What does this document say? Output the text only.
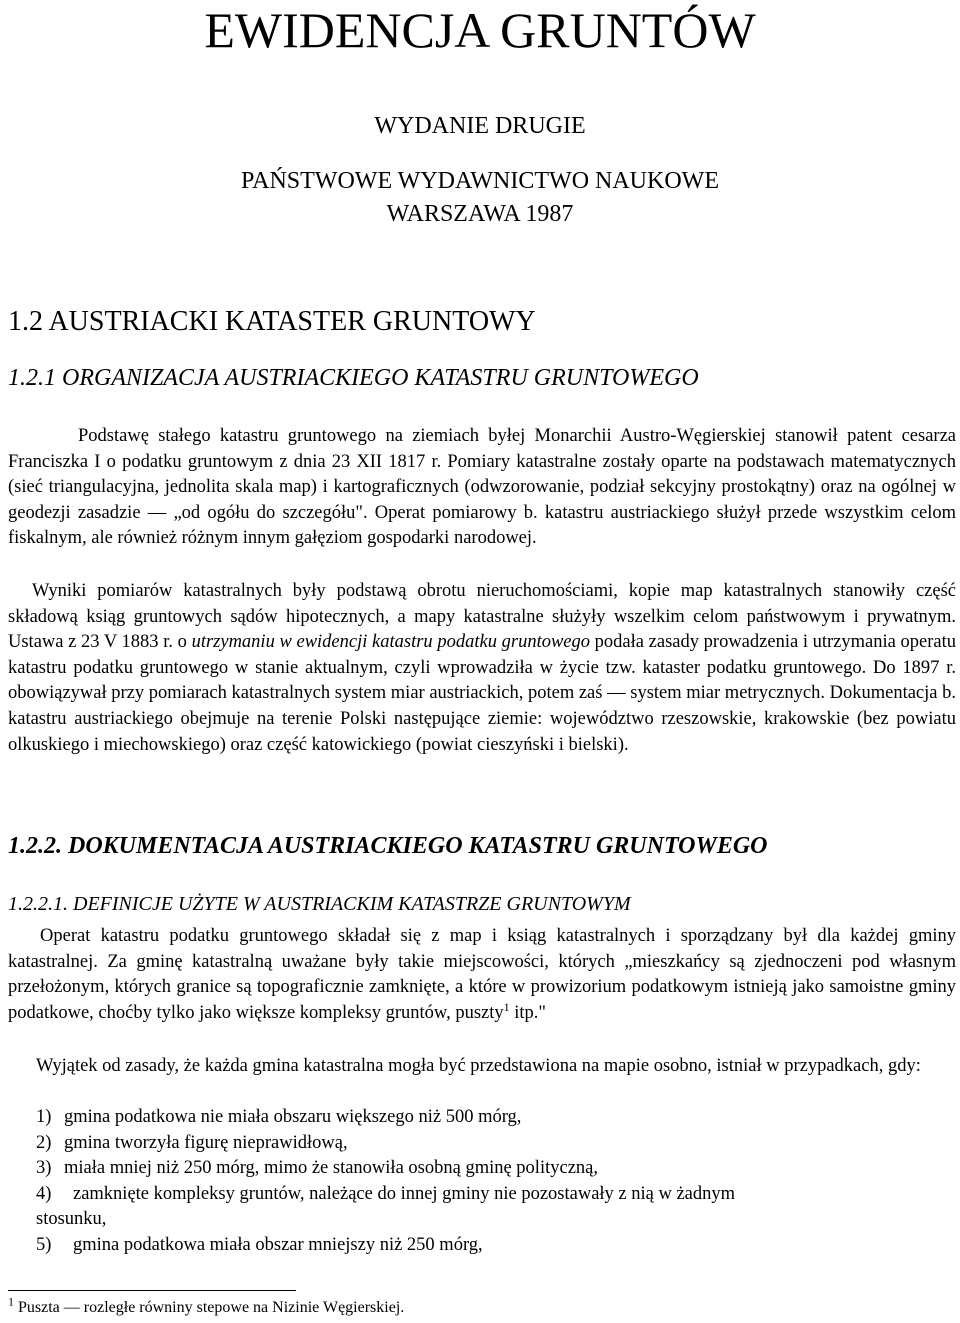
EWIDENCJA GRUNTÓW
WYDANIE DRUGIE
PAŃSTWOWE WYDAWNICTWO NAUKOWE
WARSZAWA 1987
1.2 AUSTRIACKI KATASTER GRUNTOWY
1.2.1 ORGANIZACJA AUSTRIACKIEGO KATASTRU GRUNTOWEGO
Podstawę stałego katastru gruntowego na ziemiach byłej Monarchii Austro-Węgierskiej stanowił patent cesarza Franciszka I o podatku gruntowym z dnia 23 XII 1817 r. Pomiary katastralne zostały oparte na podstawach matematycznych (sieć triangulacyjna, jednolita skala map) i kartograficznych (odwzorowanie, podział sekcyjny prostokątny) oraz na ogólnej w geodezji zasadzie — „od ogółu do szczegółu". Operat pomiarowy b. katastru austriackiego służył przede wszystkim celom fiskalnym, ale również różnym innym gałęziom gospodarki narodowej.
Wyniki pomiarów katastralnych były podstawą obrotu nieruchomościami, kopie map katastralnych stanowiły część składową ksiąg gruntowych sądów hipotecznych, a mapy katastralne służyły wszelkim celom państwowym i prywatnym. Ustawa z 23 V 1883 r. o utrzymaniu w ewidencji katastru podatku gruntowego podała zasady prowadzenia i utrzymania operatu katastru podatku gruntowego w stanie aktualnym, czyli wprowadziła w życie tzw. kataster podatku gruntowego. Do 1897 r. obowiązywał przy pomiarach katastralnych system miar austriackich, potem zaś — system miar metrycznych. Dokumentacja b. katastru austriackiego obejmuje na terenie Polski następujące ziemie: województwo rzeszowskie, krakowskie (bez powiatu olkuskiego i miechowskiego) oraz część katowickiego (powiat cieszyński i bielski).
1.2.2. DOKUMENTACJA AUSTRIACKIEGO KATASTRU GRUNTOWEGO
1.2.2.1. DEFINICJE UŻYTE W AUSTRIACKIM KATASTRZE GRUNTOWYM
Operat katastru podatku gruntowego składał się z map i ksiąg katastralnych i sporządzany był dla każdej gminy katastralnej. Za gminę katastralną uważane były takie miejscowości, których „mieszkańcy są zjednoczeni pod własnym przełożonym, których granice są topograficznie zamknięte, a które w prowizorium podatkowym istnieją jako samoistne gminy podatkowe, choćby tylko jako większe kompleksy gruntów, puszty$^1$ itp."
Wyjątek od zasady, że każda gmina katastralna mogła być przedstawiona na mapie osobno, istniał w przypadkach, gdy:
1) gmina podatkowa nie miała obszaru większego niż 500 mórg,
2) gmina tworzyła figurę nieprawidłową,
3) miała mniej niż 250 mórg, mimo że stanowiła osobną gminę polityczną,
4) zamknięte kompleksy gruntów, należące do innej gminy nie pozostawały z nią w żadnym
stosunku,
5) gmina podatkowa miała obszar mniejszy niż 250 mórg,
$^1$ Puszta — rozległe równiny stepowe na Nizinie Węgierskiej.
